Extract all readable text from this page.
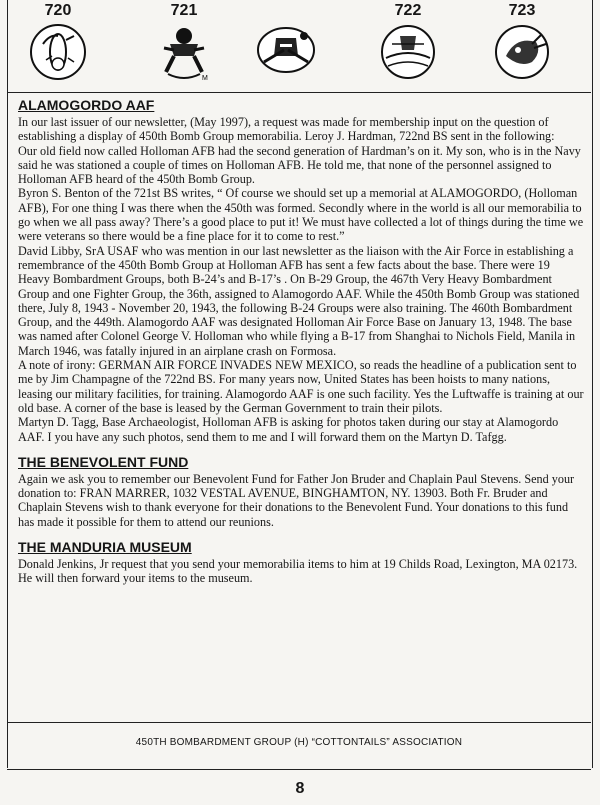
720	721
M
722	723
ALAMOGORDO AAF

In our last issuer of our newsletter, (May 1997), a request was made for membership input on the question of establishing a display of 450th Bomb Group memorabilia. Leroy J. Hardman, 722nd BS sent in the following:

Our old field now called Holloman AFB had the second generation of Hardman’s on it. My son, who is in the Navy said he was stationed a couple of times on Holloman AFB. He told me, that none of the personnel assigned to Holloman AFB heard of the 450th Bomb Group.

Byron S. Benton of the 721st BS writes, “ Of course we should set up a memorial at ALAMOGORDO, (Holloman AFB), For one thing I was there when the 450th was formed. Secondly where in the world is all our memorabilia to go when we all pass away? There’s a good place to put it! We must have collected a lot of things during the time we were veterans so there would be a fine place for it to come to rest.”

David Libby, SrA USAF who was mention in our last newsletter as the liaison with the Air Force in establishing a remembrance of the 450th Bomb Group at Holloman AFB has sent a few facts about the base. There were 19 Heavy Bombardment Groups, both B-24’s and B-17’s . On B-29 Group, the 467th Very Heavy Bombardment Group and one Fighter Group, the 36th, assigned to Alamogordo AAF. While the 450th Bomb Group was stationed there, July 8, 1943 - November 20, 1943, the following B-24 Groups were also training. The 460th Bombardment Group, and the 449th. Alamogordo AAF was designated Holloman Air Force Base on January 13, 1948. The base was named after Colonel George V. Holloman who while flying a B-17 from Shanghai to Nichols Field, Manila in March 1946, was fatally injured in an airplane crash on Formosa.

A note of irony: GERMAN AIR FORCE INVADES NEW MEXICO, so reads the headline of a publication sent to me by Jim Champagne of the 722nd BS. For many years now, United States has been hoists to many nations, leasing our military facilities, for training. Alamogordo AAF is one such facility. Yes the Luftwaffe is training at our old base. A corner of the base is leased by the German Government to train their pilots.

Martyn D. Tagg, Base Archaeologist, Holloman AFB is asking for photos taken during our stay at Alamogordo AAF. I you have any such photos, send them to me and I will forward them on the Martyn D. Tafgg.

THE BENEVOLENT FUND

Again we ask you to remember our Benevolent Fund for Father Jon Bruder and Chaplain Paul Stevens. Send your donation to: FRAN MARRER, 1032 VESTAL AVENUE, BINGHAMTON, NY. 13903. Both Fr. Bruder and Chaplain Stevens wish to thank everyone for their donations to the Benevolent Fund. Your donations to this fund has made it possible for them to attend our reunions.

THE MANDURIA MUSEUM

Donald Jenkins, Jr request that you send your memorabilia items to him at 19 Childs Road, Lexington, MA 02173. He will then forward your items to the museum.

450TH BOMBARDMENT GROUP (H) “COTTONTAILS” ASSOCIATION
8
